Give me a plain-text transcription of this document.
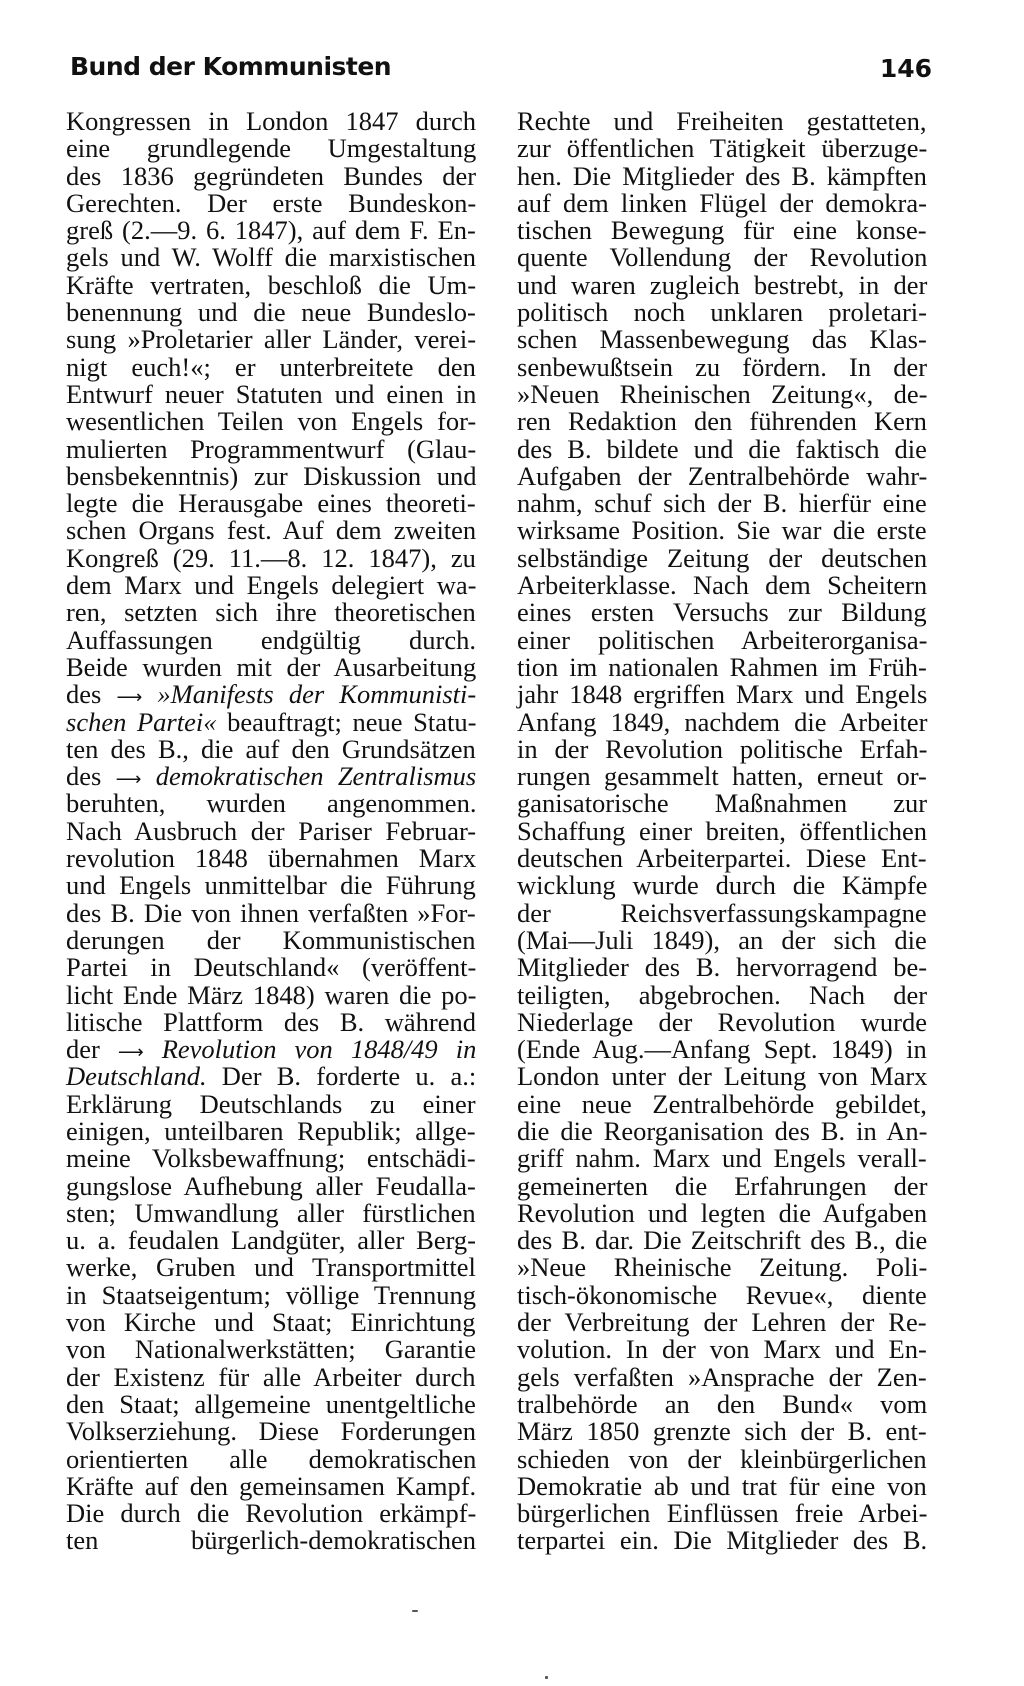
Bund der Kommunisten	146
Kongressen in London 1847 durch
eine grundlegende Umgestaltung
des 1836 gegründeten Bundes der
Gerechten. Der erste Bundeskon-
greß (2.—9. 6. 1847), auf dem F. En-
gels und W. Wolff die marxistischen
Kräfte vertraten, beschloß die Um-
benennung und die neue Bundeslo-
sung »Proletarier aller Länder, verei-
nigt euch!«; er unterbreitete den
Entwurf neuer Statuten und einen in
wesentlichen Teilen von Engels for-
mulierten Programmentwurf (Glau-
bensbekenntnis) zur Diskussion und
legte die Herausgabe eines theoreti-
schen Organs fest. Auf dem zweiten
Kongreß (29. 11.—8. 12. 1847), zu
dem Marx und Engels delegiert wa-
ren, setzten sich ihre theoretischen
Auffassungen endgültig durch.
Beide wurden mit der Ausarbeitung
des ⟶ »Manifests der Kommunisti-
schen Partei« beauftragt; neue Statu-
ten des B., die auf den Grundsätzen
des ⟶ demokratischen Zentralismus
beruhten, wurden angenommen.
Nach Ausbruch der Pariser Februar-
revolution 1848 übernahmen Marx
und Engels unmittelbar die Führung
des B. Die von ihnen verfaßten »For-
derungen der Kommunistischen
Partei in Deutschland« (veröffent-
licht Ende März 1848) waren die po-
litische Plattform des B. während
der ⟶ Revolution von 1848/49 in
Deutschland. Der B. forderte u. a.:
Erklärung Deutschlands zu einer
einigen, unteilbaren Republik; allge-
meine Volksbewaffnung; entschädi-
gungslose Aufhebung aller Feudalla-
sten; Umwandlung aller fürstlichen
u. a. feudalen Landgüter, aller Berg-
werke, Gruben und Transportmittel
in Staatseigentum; völlige Trennung
von Kirche und Staat; Einrichtung
von Nationalwerkstätten; Garantie
der Existenz für alle Arbeiter durch
den Staat; allgemeine unentgeltliche
Volkserziehung. Diese Forderungen
orientierten alle demokratischen
Kräfte auf den gemeinsamen Kampf.
Die durch die Revolution erkämpf-
ten bürgerlich-demokratischen
Rechte und Freiheiten gestatteten,
zur öffentlichen Tätigkeit überzuge-
hen. Die Mitglieder des B. kämpften
auf dem linken Flügel der demokra-
tischen Bewegung für eine konse-
quente Vollendung der Revolution
und waren zugleich bestrebt, in der
politisch noch unklaren proletari-
schen Massenbewegung das Klas-
senbewußtsein zu fördern. In der
»Neuen Rheinischen Zeitung«, de-
ren Redaktion den führenden Kern
des B. bildete und die faktisch die
Aufgaben der Zentralbehörde wahr-
nahm, schuf sich der B. hierfür eine
wirksame Position. Sie war die erste
selbständige Zeitung der deutschen
Arbeiterklasse. Nach dem Scheitern
eines ersten Versuchs zur Bildung
einer politischen Arbeiterorganisa-
tion im nationalen Rahmen im Früh-
jahr 1848 ergriffen Marx und Engels
Anfang 1849, nachdem die Arbeiter
in der Revolution politische Erfah-
rungen gesammelt hatten, erneut or-
ganisatorische Maßnahmen zur
Schaffung einer breiten, öffentlichen
deutschen Arbeiterpartei. Diese Ent-
wicklung wurde durch die Kämpfe
der Reichsverfassungskampagne
(Mai—Juli 1849), an der sich die
Mitglieder des B. hervorragend be-
teiligten, abgebrochen. Nach der
Niederlage der Revolution wurde
(Ende Aug.—Anfang Sept. 1849) in
London unter der Leitung von Marx
eine neue Zentralbehörde gebildet,
die die Reorganisation des B. in An-
griff nahm. Marx und Engels verall-
gemeinerten die Erfahrungen der
Revolution und legten die Aufgaben
des B. dar. Die Zeitschrift des B., die
»Neue Rheinische Zeitung. Poli-
tisch-ökonomische Revue«, diente
der Verbreitung der Lehren der Re-
volution. In der von Marx und En-
gels verfaßten »Ansprache der Zen-
tralbehörde an den Bund« vom
März 1850 grenzte sich der B. ent-
schieden von der kleinbürgerlichen
Demokratie ab und trat für eine von
bürgerlichen Einflüssen freie Arbei-
terpartei ein. Die Mitglieder des B.
